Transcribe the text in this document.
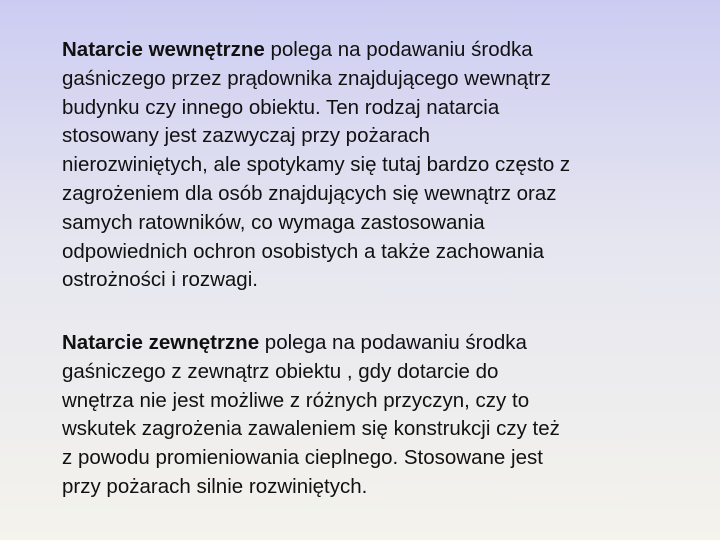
Natarcie wewnętrzne polega na podawaniu środka
gaśniczego przez prądownika znajdującego wewnątrz
budynku czy innego obiektu. Ten rodzaj natarcia
stosowany jest zazwyczaj przy pożarach
nierozwiniętych, ale spotykamy się tutaj bardzo często z
zagrożeniem dla osób znajdujących się wewnątrz oraz
samych ratowników, co wymaga zastosowania
odpowiednich ochron osobistych a także zachowania
ostrożności i rozwagi.

Natarcie zewnętrzne polega na podawaniu środka
gaśniczego z zewnątrz obiektu , gdy dotarcie do
wnętrza nie jest możliwe z różnych przyczyn, czy to
wskutek zagrożenia zawaleniem się konstrukcji czy też
z powodu promieniowania cieplnego. Stosowane jest
przy pożarach silnie rozwiniętych.
